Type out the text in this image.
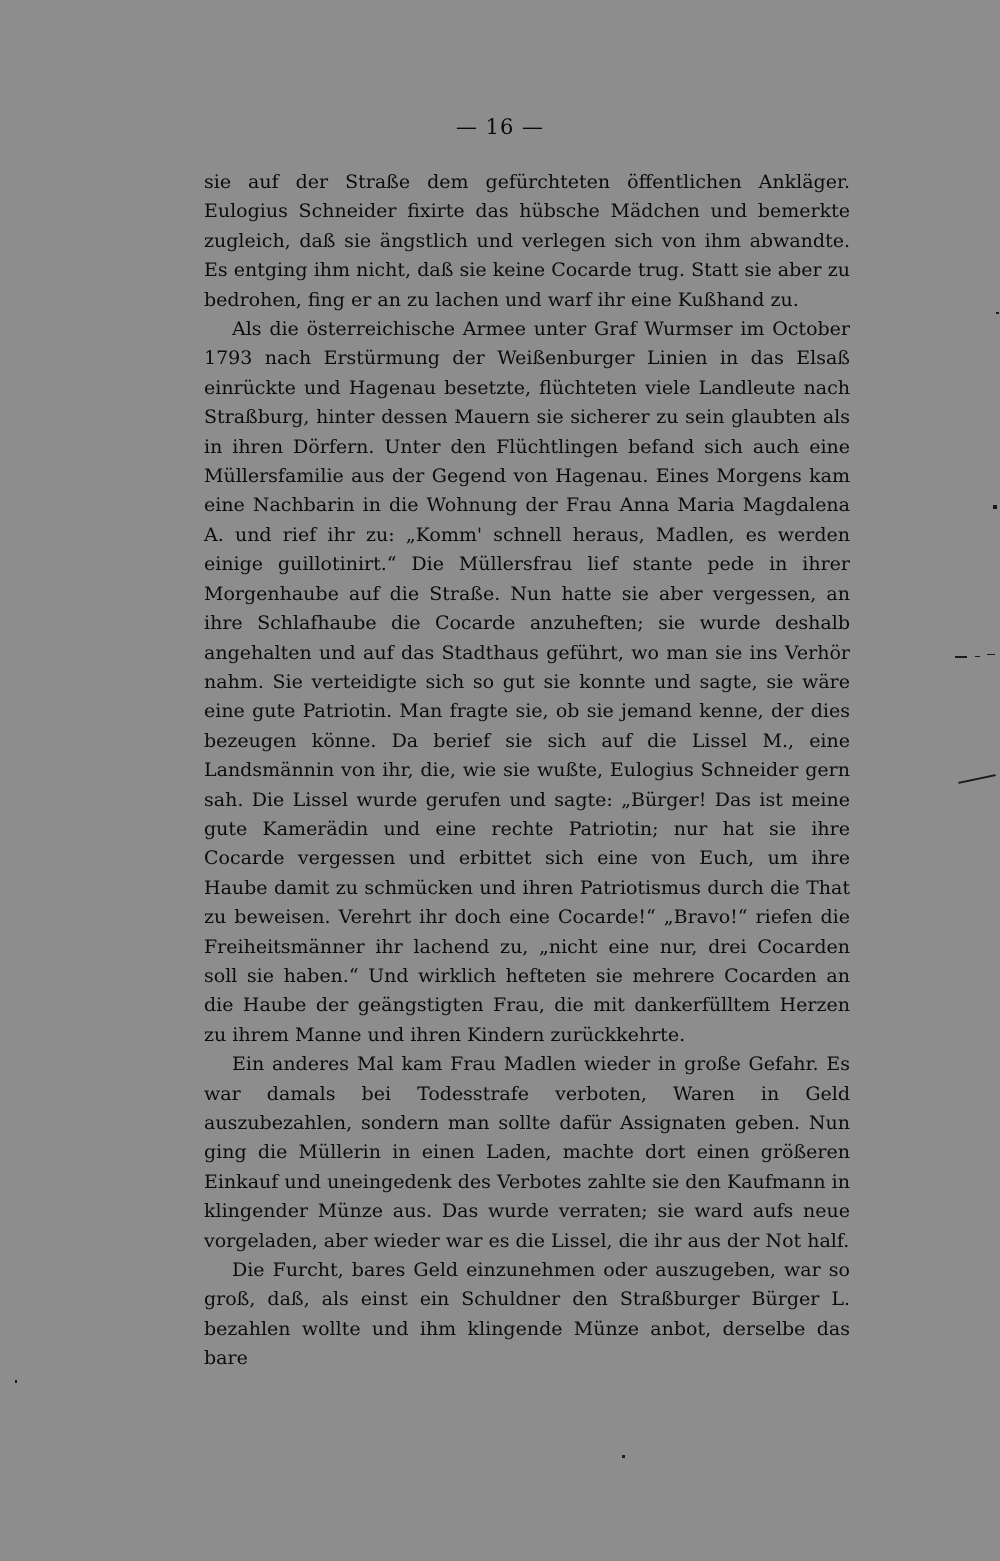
— 16 —

sie auf der Straße dem gefürchteten öffentlichen Ankläger. Eulogius Schneider fixirte das hübsche Mädchen und bemerkte zugleich, daß sie ängstlich und verlegen sich von ihm abwandte. Es entging ihm nicht, daß sie keine Cocarde trug. Statt sie aber zu bedrohen, fing er an zu lachen und warf ihr eine Kußhand zu.

Als die österreichische Armee unter Graf Wurmser im October 1793 nach Erstürmung der Weißenburger Linien in das Elsaß einrückte und Hagenau besetzte, flüchteten viele Landleute nach Straßburg, hinter dessen Mauern sie sicherer zu sein glaubten als in ihren Dörfern. Unter den Flüchtlingen befand sich auch eine Müllersfamilie aus der Gegend von Hagenau. Eines Morgens kam eine Nachbarin in die Wohnung der Frau Anna Maria Magdalena A. und rief ihr zu: „Komm' schnell heraus, Madlen, es werden einige guillotinirt.“ Die Müllersfrau lief stante pede in ihrer Morgenhaube auf die Straße. Nun hatte sie aber vergessen, an ihre Schlafhaube die Cocarde anzuheften; sie wurde deshalb angehalten und auf das Stadthaus geführt, wo man sie ins Verhör nahm. Sie verteidigte sich so gut sie konnte und sagte, sie wäre eine gute Patriotin. Man fragte sie, ob sie jemand kenne, der dies bezeugen könne. Da berief sie sich auf die Lissel M., eine Landsmännin von ihr, die, wie sie wußte, Eulogius Schneider gern sah. Die Lissel wurde gerufen und sagte: „Bürger! Das ist meine gute Kamerädin und eine rechte Patriotin; nur hat sie ihre Cocarde vergessen und erbittet sich eine von Euch, um ihre Haube damit zu schmücken und ihren Patriotismus durch die That zu beweisen. Verehrt ihr doch eine Cocarde!“ „Bravo!“ riefen die Freiheitsmänner ihr lachend zu, „nicht eine nur, drei Cocarden soll sie haben.“ Und wirklich hefteten sie mehrere Cocarden an die Haube der geängstigten Frau, die mit dankerfülltem Herzen zu ihrem Manne und ihren Kindern zurückkehrte.

Ein anderes Mal kam Frau Madlen wieder in große Gefahr. Es war damals bei Todesstrafe verboten, Waren in Geld auszubezahlen, sondern man sollte dafür Assignaten geben. Nun ging die Müllerin in einen Laden, machte dort einen größeren Einkauf und uneingedenk des Verbotes zahlte sie den Kaufmann in klingender Münze aus. Das wurde verraten; sie ward aufs neue vorgeladen, aber wieder war es die Lissel, die ihr aus der Not half.

Die Furcht, bares Geld einzunehmen oder auszugeben, war so groß, daß, als einst ein Schuldner den Straßburger Bürger L. bezahlen wollte und ihm klingende Münze anbot, derselbe das bare
